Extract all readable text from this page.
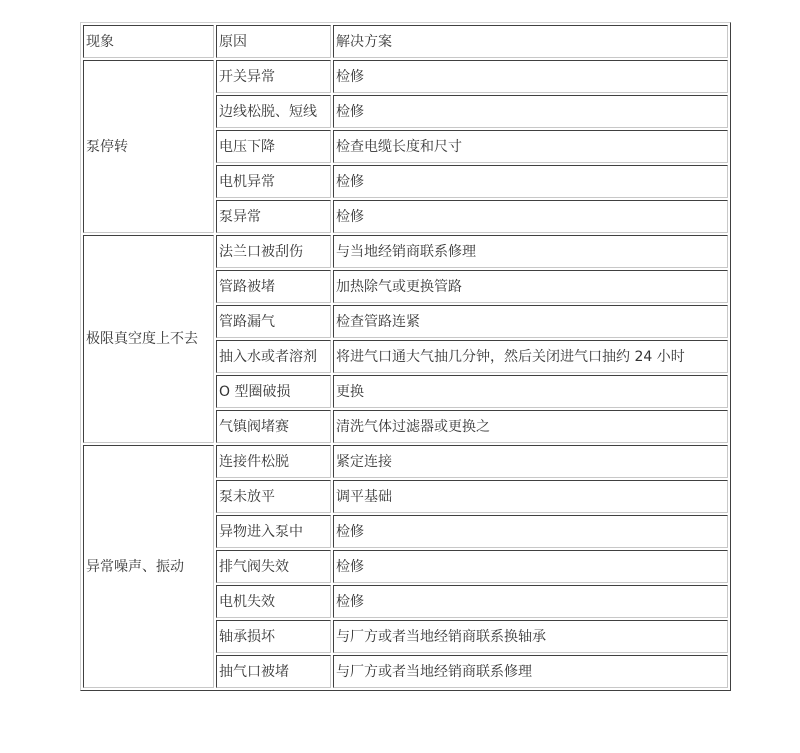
现象	原因	解决方案
泵停转	开关异常	检修
	边线松脱、短线	检修
	电压下降	检查电缆长度和尺寸
	电机异常	检修
	泵异常	检修
极限真空度上不去	法兰口被刮伤	与当地经销商联系修理
	管路被堵	加热除气或更换管路
	管路漏气	检查管路连紧
	抽入水或者溶剂	将进气口通大气抽几分钟，然后关闭进气口抽约 24 小时
	O 型圈破损	更换
	气镇阀堵赛	清洗气体过滤器或更换之
异常噪声、振动	连接件松脱	紧定连接
	泵未放平	调平基础
	异物进入泵中	检修
	排气阀失效	检修
	电机失效	检修
	轴承损坏	与厂方或者当地经销商联系换轴承
	抽气口被堵	与厂方或者当地经销商联系修理
